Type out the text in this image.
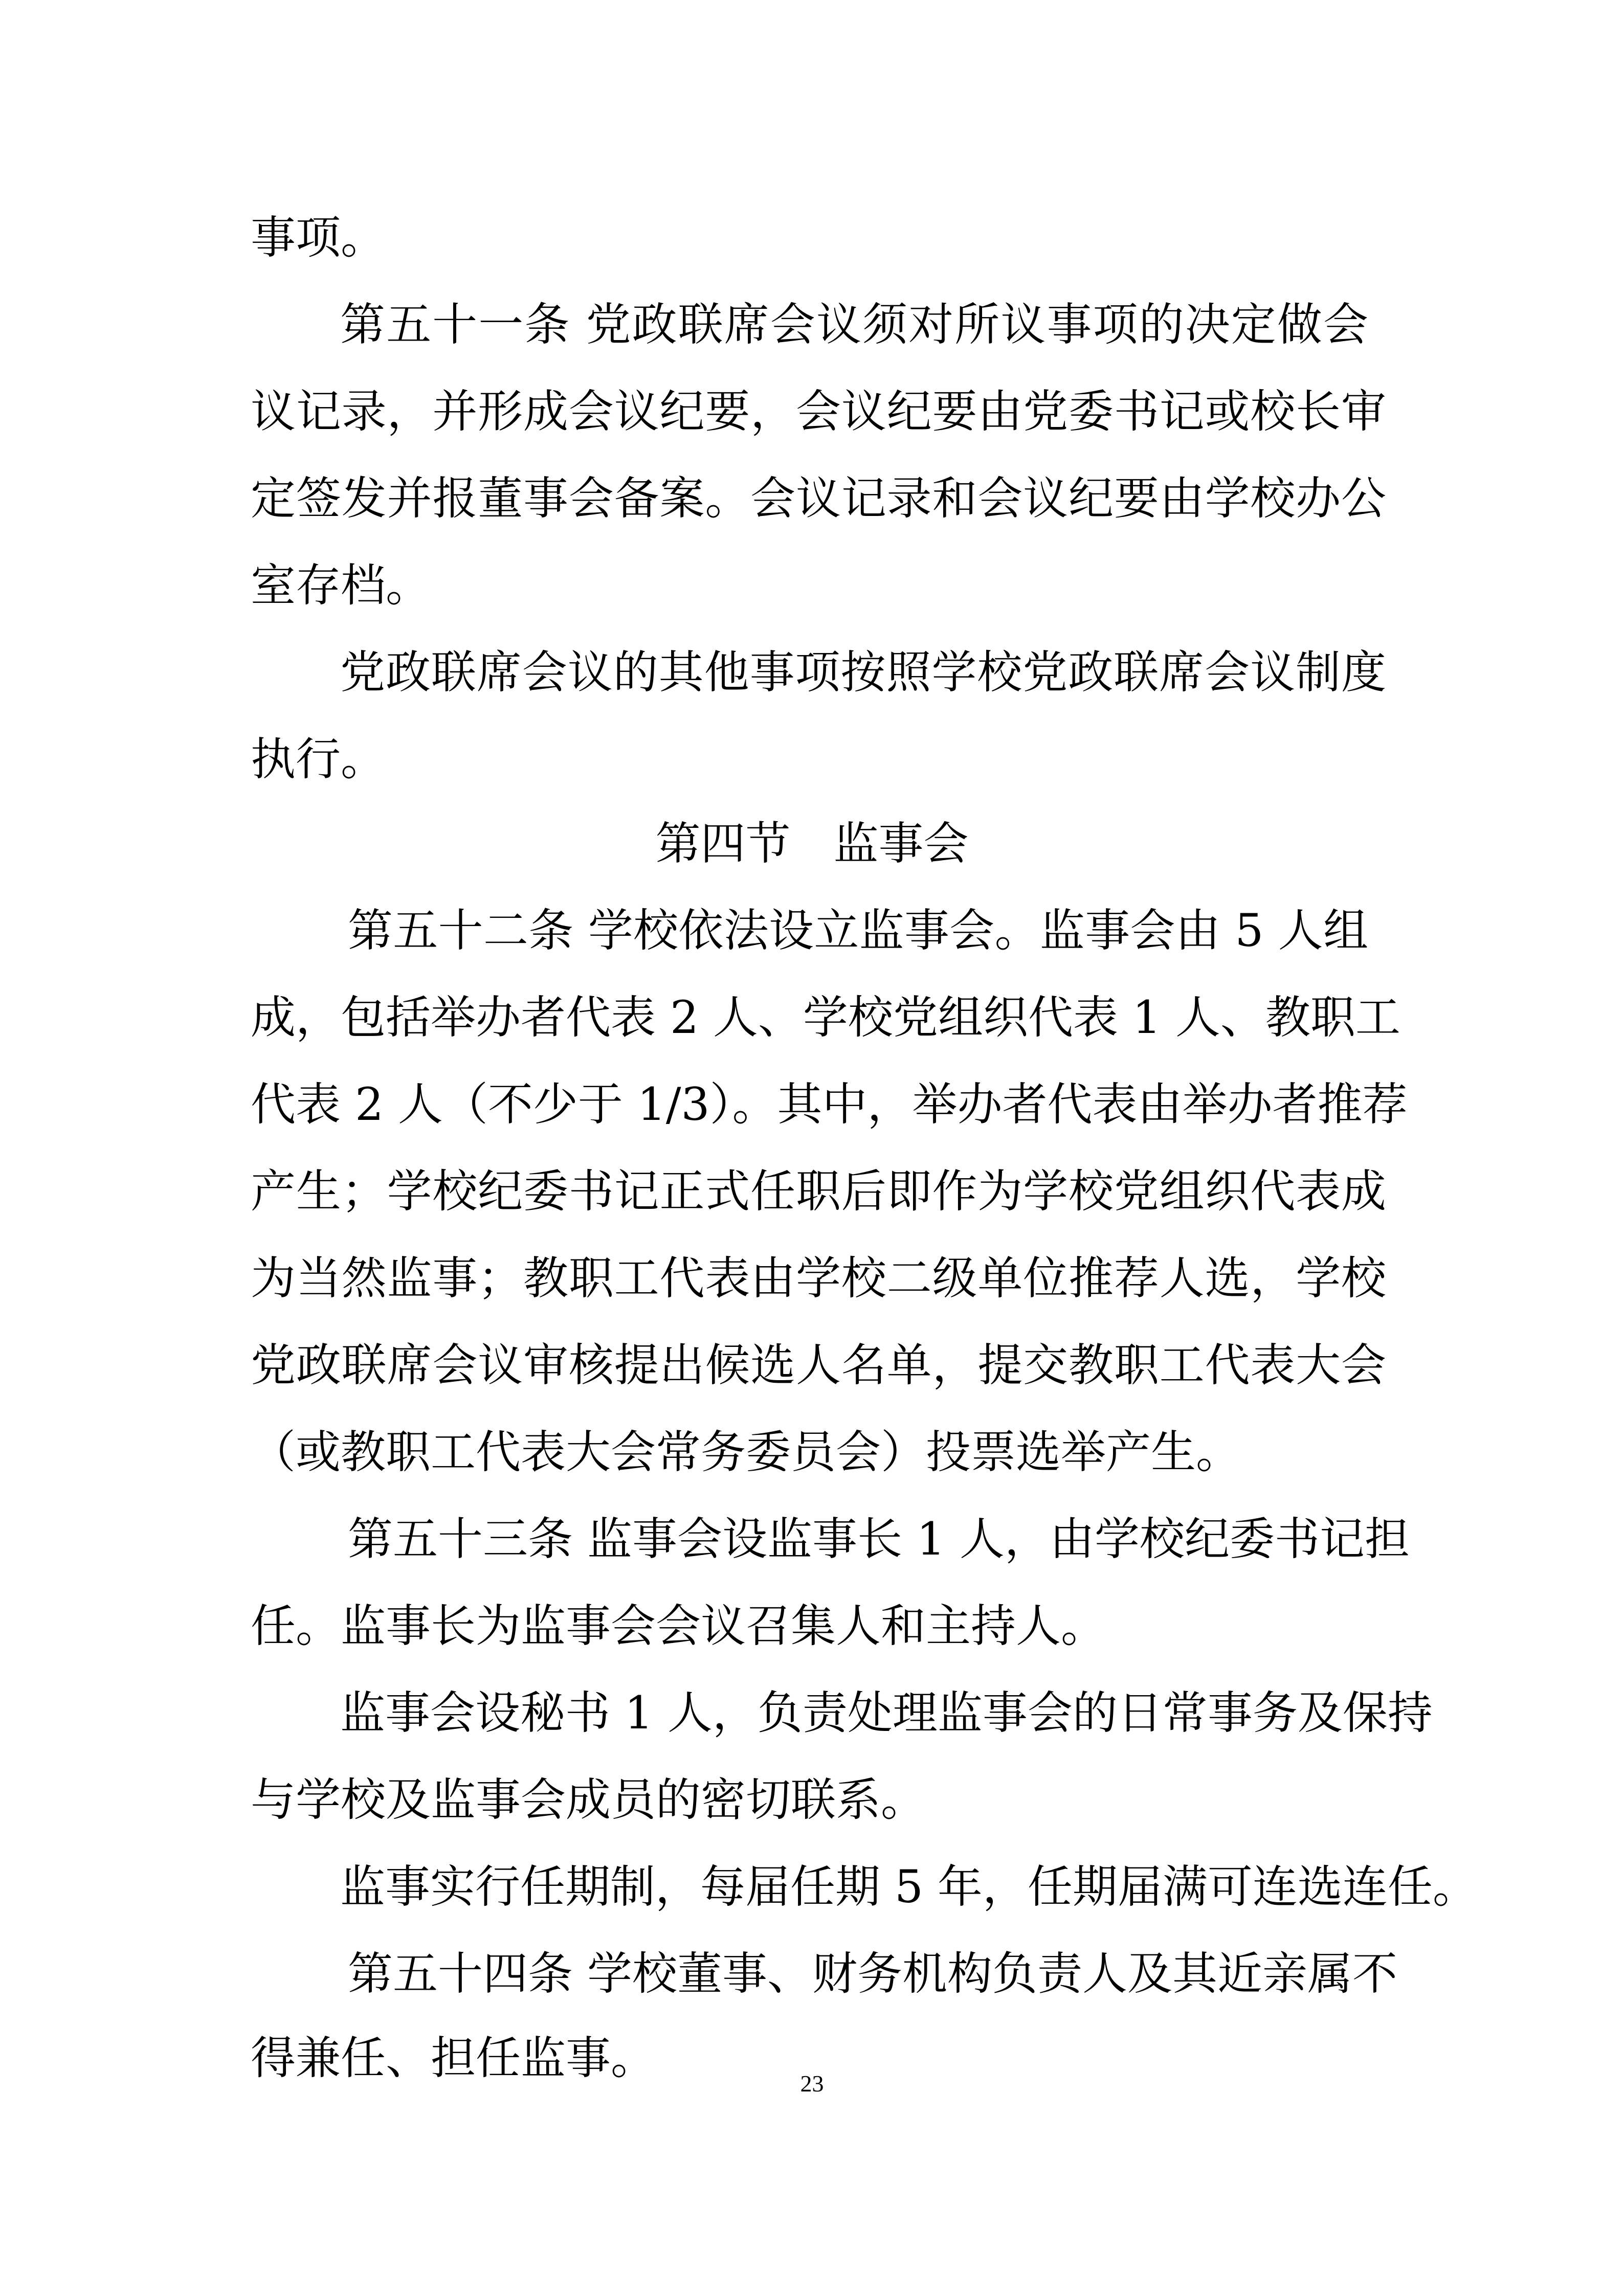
事项。
第五十一条 党政联席会议须对所议事项的决定做会
议记录，并形成会议纪要，会议纪要由党委书记或校长审
定签发并报董事会备案。会议记录和会议纪要由学校办公
室存档。
党政联席会议的其他事项按照学校党政联席会议制度
执行。
第四节   监事会
第五十二条 学校依法设立监事会。监事会由 5 人组
成，包括举办者代表 2 人、学校党组织代表 1 人、教职工
代表 2 人（不少于 1/3）。其中，举办者代表由举办者推荐
产生；学校纪委书记正式任职后即作为学校党组织代表成
为当然监事；教职工代表由学校二级单位推荐人选，学校
党政联席会议审核提出候选人名单，提交教职工代表大会
（或教职工代表大会常务委员会）投票选举产生。
第五十三条 监事会设监事长 1 人，由学校纪委书记担
任。监事长为监事会会议召集人和主持人。
监事会设秘书 1 人，负责处理监事会的日常事务及保持
与学校及监事会成员的密切联系。
监事实行任期制，每届任期 5 年，任期届满可连选连任。
第五十四条 学校董事、财务机构负责人及其近亲属不
得兼任、担任监事。	23
